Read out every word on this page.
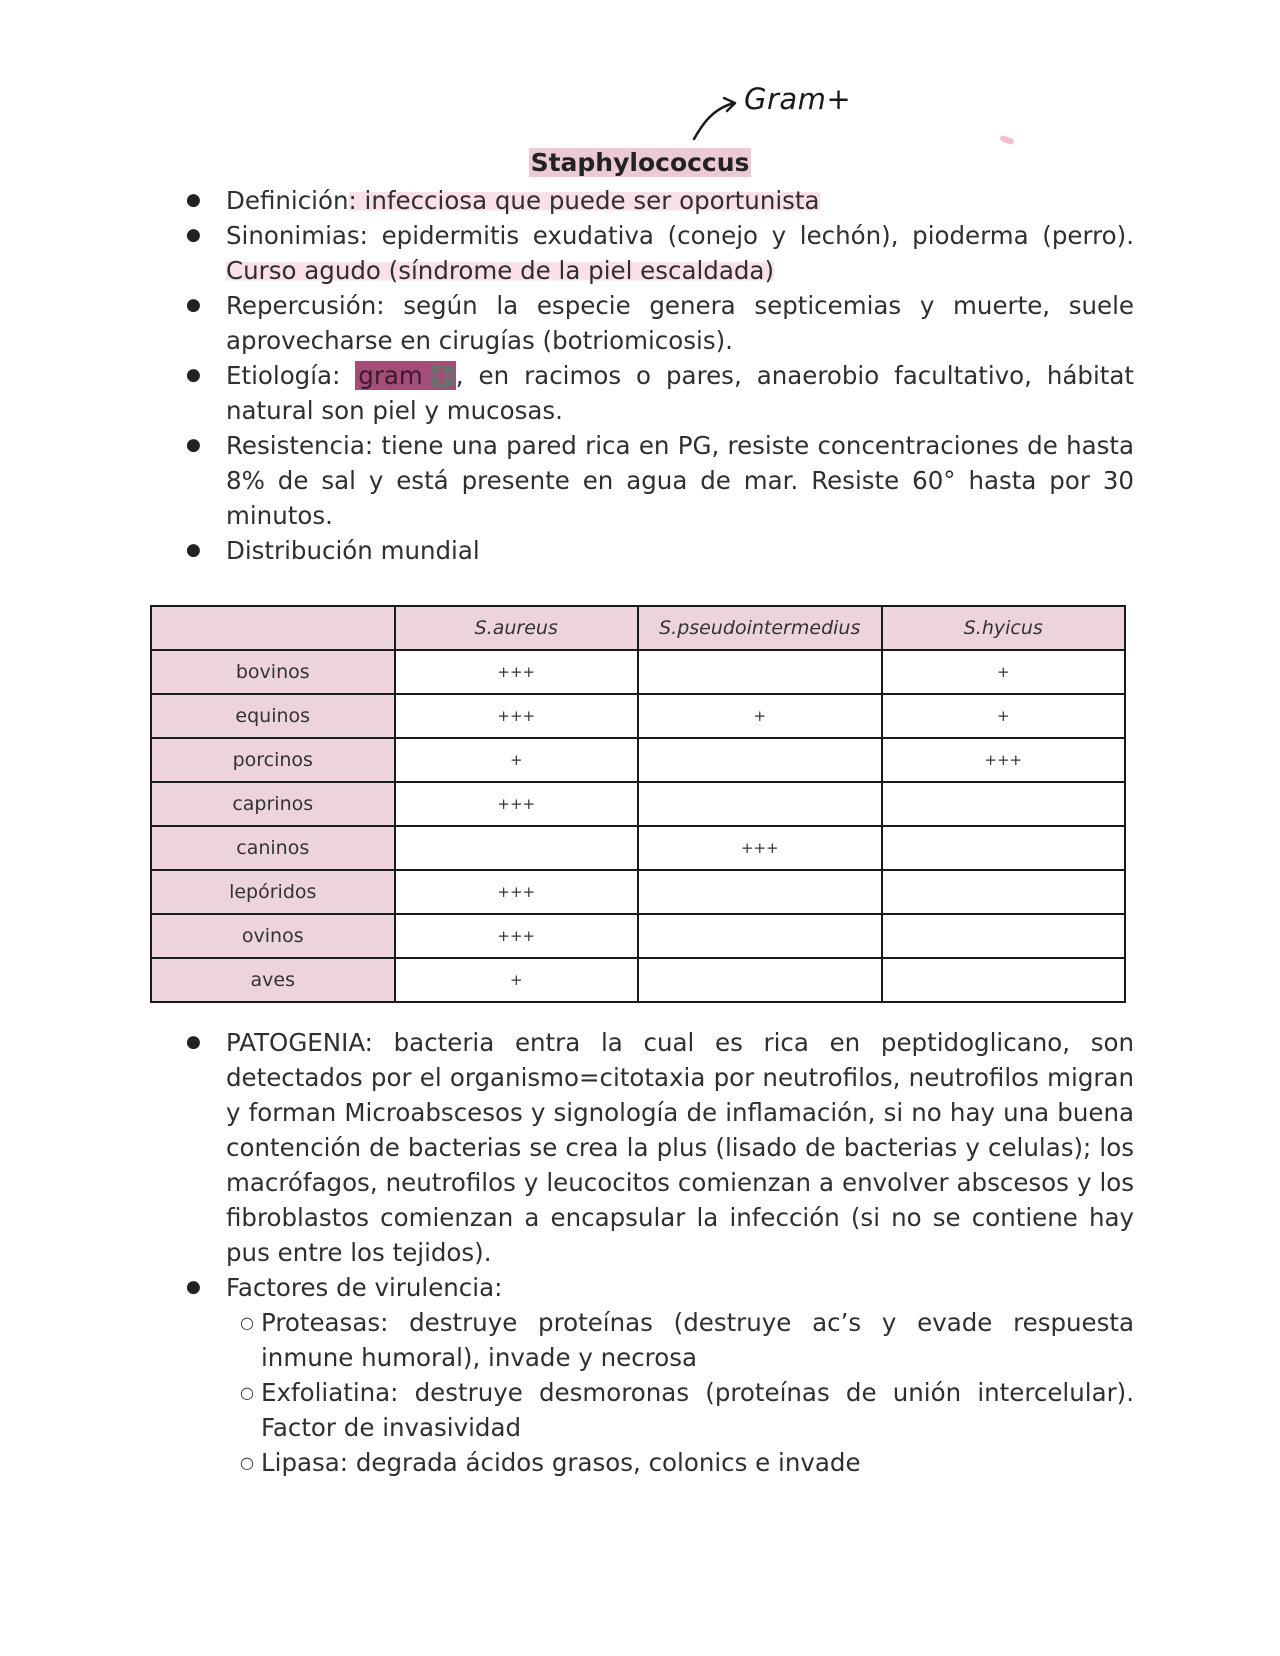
Gram+
Staphylococcus
● Definición: infecciosa que puede ser oportunista
● Sinonimias: epidermitis exudativa (conejo y lechón), pioderma (perro). Curso agudo (síndrome de la piel escaldada)
● Repercusión: según la especie genera septicemias y muerte, suele aprovecharse en cirugías (botriomicosis).
● Etiología: gram , en racimos o pares, anaerobio facultativo, hábitat natural son piel y mucosas.
● Resistencia: tiene una pared rica en PG, resiste concentraciones de hasta 8% de sal y está presente en agua de mar. Resiste 60° hasta por 30 minutos.
● Distribución mundial
	S.aureus	S.pseudointermedius	S.hyicus
bovinos	+++		+
equinos	+++	+	+
porcinos	+		+++
caprinos	+++		
caninos		+++	
lepóridos	+++		
ovinos	+++		
aves	+		
● PATOGENIA: bacteria entra la cual es rica en peptidoglicano, son detectados por el organismo=citotaxia por neutrofilos, neutrofilos migran y forman Microabscesos y signología de inflamación, si no hay una buena contención de bacterias se crea la plus (lisado de bacterias y celulas); los macrófagos, neutrofilos y leucocitos comienzan a envolver abscesos y los fibroblastos comienzan a encapsular la infección (si no se contiene hay pus entre los tejidos).
● Factores de virulencia:
○ Proteasas: destruye proteínas (destruye ac’s y evade respuesta inmune humoral), invade y necrosa
○ Exfoliatina: destruye desmoronas (proteínas de unión intercelular). Factor de invasividad
○ Lipasa: degrada ácidos grasos, colonics e invade
